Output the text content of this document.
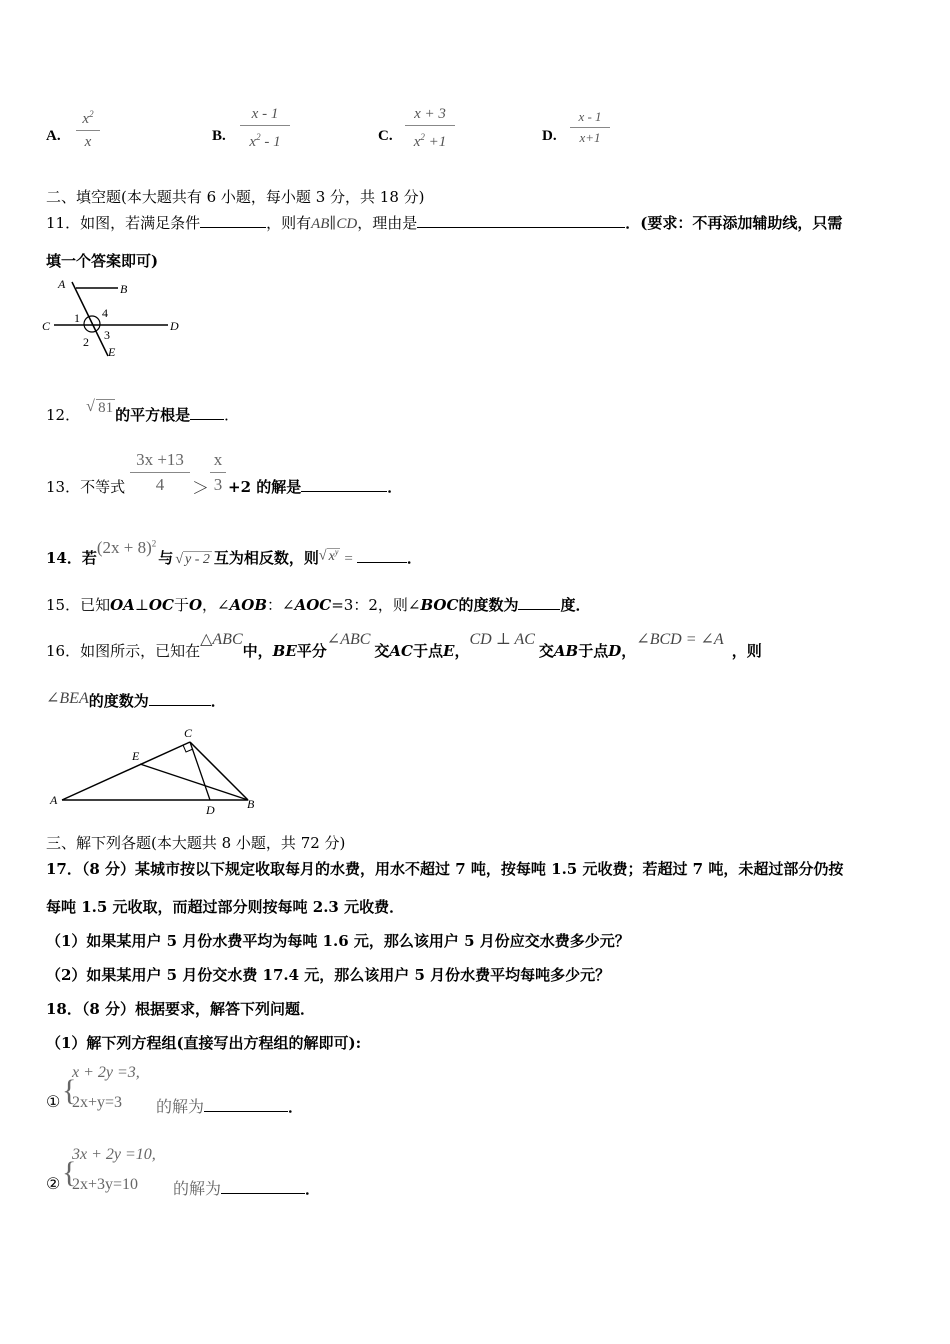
A.
$x^2$
x	B.
x - 1
$x^2 - 1$	C.
x + 3
$x^2 +1$	D.
x - 1
x+1
二、填空题(本大题共有 6 小题，每小题 3 分，共 18 分)
11．如图，若满足条件	，则有AB∥CD，理由是	．(要求：不再添加辅助线，只需
填一个答案即可)
A	B
C	D
E
1 4
2 3
12． √ 81 的平方根是 ．
13．不等式
3x +13
4	＞
x
3 +2 的解是	．
14．若$(2x + 8)^2$与 √ y - 2 互为相反数，则√ $x^y$ =	．
15．已知OA⊥OC于O，∠AOB：∠AOC=3：2，则∠BOC的度数为	度．
16．如图所示，已知在△ABC中，BE平分∠ABC交AC于点E，CD ⊥ AC交AB于点D，∠BCD = ∠A，则
∠BEA的度数为	．
A	B
C
D
E
三、解下列各题(本大题共 8 小题，共 72 分)
17．（8 分）某城市按以下规定收取每月的水费，用水不超过 7 吨，按每吨 1.5 元收费；若超过 7 吨，未超过部分仍按
每吨 1.5 元收取，而超过部分则按每吨 2.3 元收费．
（1）如果某用户 5 月份水费平均为每吨 1.6 元，那么该用户 5 月份应交水费多少元？
（2）如果某用户 5 月份交水费 17.4 元，那么该用户 5 月份水费平均每吨多少元？
18．（8 分）根据要求，解答下列问题．
（1）解下列方程组(直接写出方程组的解即可):
① {
x + 2y =3,
2x+y=3 的解为	．
② {
3x + 2y =10,
2x+3y=10 的解为	．
